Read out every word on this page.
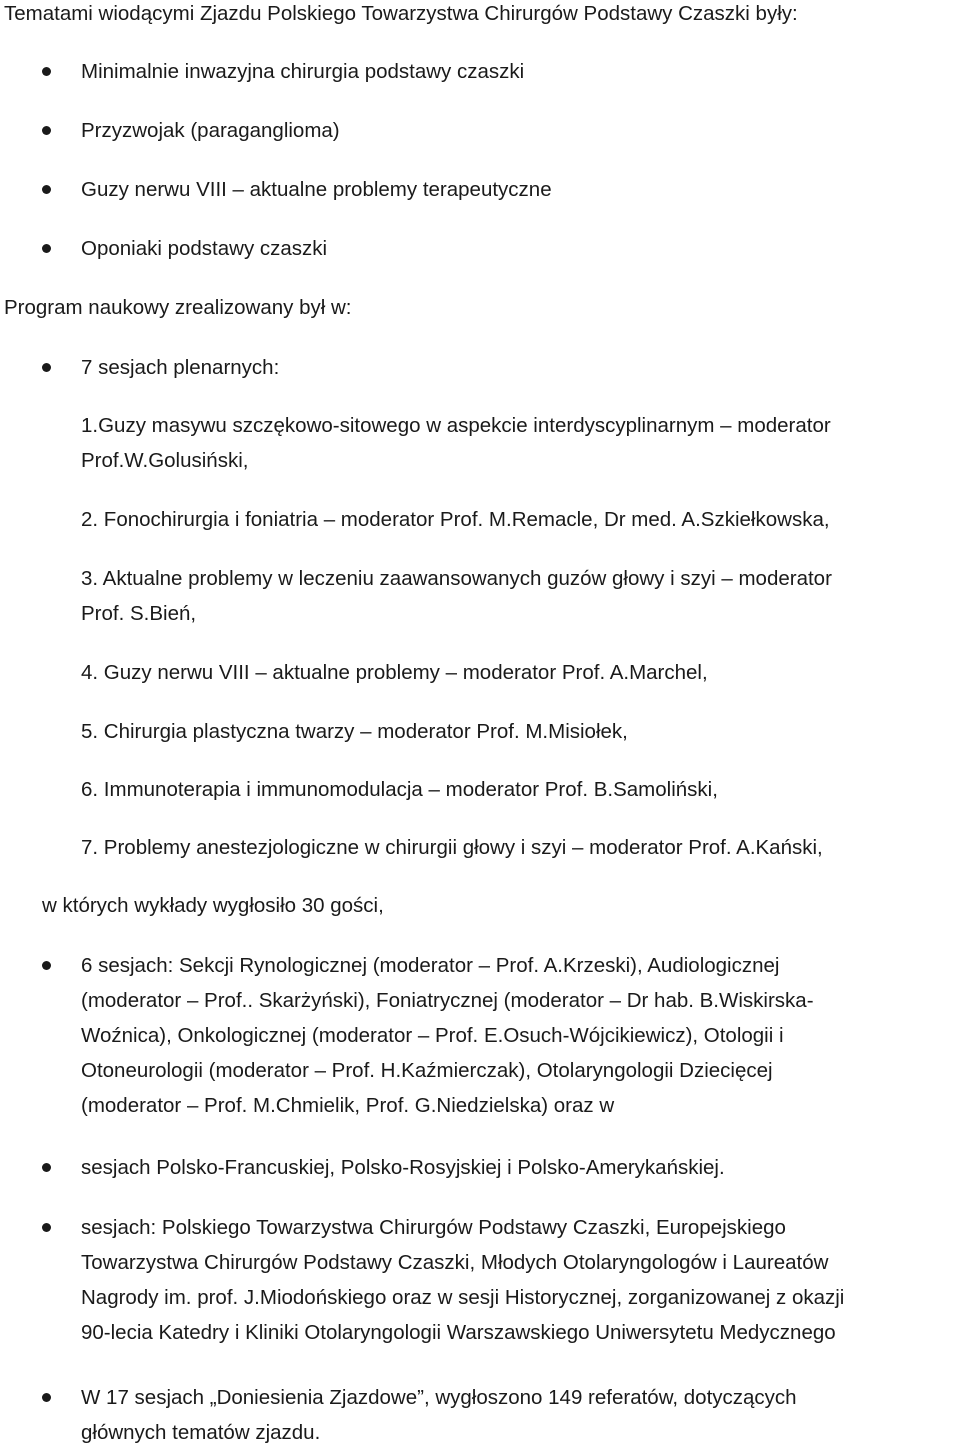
Tematami wiodącymi Zjazdu Polskiego Towarzystwa Chirurgów Podstawy Czaszki były:

Minimalnie inwazyjna chirurgia podstawy czaszki
Przyzwojak (paraganglioma)
Guzy nerwu VIII – aktualne problemy terapeutyczne
Oponiaki podstawy czaszki

Program naukowy zrealizowany był w:

7 sesjach plenarnych:
1.Guzy masywu szczękowo-sitowego w aspekcie interdyscyplinarnym – moderator
Prof.W.Golusiński,
2. Fonochirurgia i foniatria – moderator Prof. M.Remacle, Dr med. A.Szkiełkowska,
3. Aktualne problemy w leczeniu zaawansowanych guzów głowy i szyi – moderator
Prof. S.Bień,
4. Guzy nerwu VIII – aktualne problemy – moderator Prof. A.Marchel,
5. Chirurgia plastyczna twarzy – moderator Prof. M.Misiołek,
6. Immunoterapia i immunomodulacja – moderator Prof. B.Samoliński,
7. Problemy anestezjologiczne w chirurgii głowy i szyi – moderator Prof. A.Kański,

w których wykłady wygłosiło 30 gości,

6 sesjach: Sekcji Rynologicznej (moderator – Prof. A.Krzeski), Audiologicznej
(moderator – Prof.. Skarżyński), Foniatrycznej (moderator – Dr hab. B.Wiskirska-
Woźnica), Onkologicznej (moderator – Prof. E.Osuch-Wójcikiewicz), Otologii i
Otoneurologii (moderator – Prof. H.Kaźmierczak), Otolaryngologii Dziecięcej
(moderator – Prof. M.Chmielik, Prof. G.Niedzielska) oraz w
sesjach Polsko-Francuskiej, Polsko-Rosyjskiej i Polsko-Amerykańskiej.
sesjach: Polskiego Towarzystwa Chirurgów Podstawy Czaszki, Europejskiego
Towarzystwa Chirurgów Podstawy Czaszki, Młodych Otolaryngologów i Laureatów
Nagrody im. prof. J.Miodońskiego oraz w sesji Historycznej, zorganizowanej z okazji
90-lecia Katedry i Kliniki Otolaryngologii Warszawskiego Uniwersytetu Medycznego
W 17 sesjach „Doniesienia Zjazdowe”, wygłoszono 149 referatów, dotyczących
głównych tematów zjazdu.
